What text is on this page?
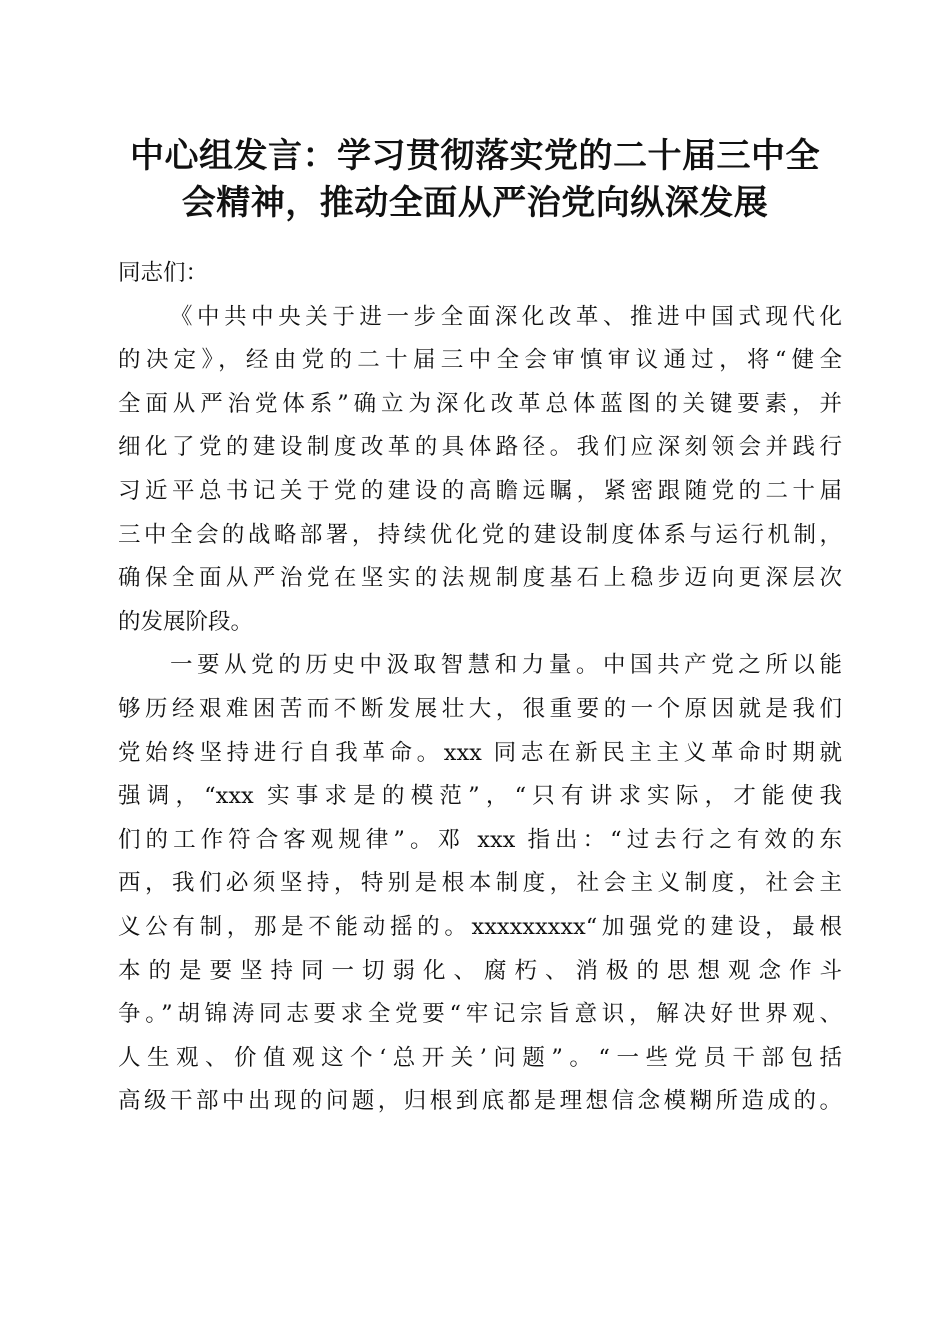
中心组发言：学习贯彻落实党的二十届三中全
会精神，推动全面从严治党向纵深发展
同志们：
《中共中央关于进一步全面深化改革、推进中国式现代化
的决定》，经由党的二十届三中全会审慎审议通过，将“健全
全面从严治党体系”确立为深化改革总体蓝图的关键要素，并
细化了党的建设制度改革的具体路径。我们应深刻领会并践行
习近平总书记关于党的建设的高瞻远瞩，紧密跟随党的二十届
三中全会的战略部署，持续优化党的建设制度体系与运行机制，
确保全面从严治党在坚实的法规制度基石上稳步迈向更深层次
的发展阶段。
一要从党的历史中汲取智慧和力量。中国共产党之所以能
够历经艰难困苦而不断发展壮大，很重要的一个原因就是我们
党始终坚持进行自我革命。xxx 同志在新民主主义革命时期就
强调，“xxx 实事求是的模范”，“只有讲求实际，才能使我
们的工作符合客观规律”。邓 xxx 指出：“过去行之有效的东
西，我们必须坚持，特别是根本制度，社会主义制度，社会主
义公有制，那是不能动摇的。xxxxxxxxx“加强党的建设，最根
本的是要坚持同一切弱化、腐朽、消极的思想观念作斗
争。”胡锦涛同志要求全党要“牢记宗旨意识，解决好世界观、
人生观、价值观这个‘总开关’问题”。“一些党员干部包括
高级干部中出现的问题，归根到底都是理想信念模糊所造成的。
